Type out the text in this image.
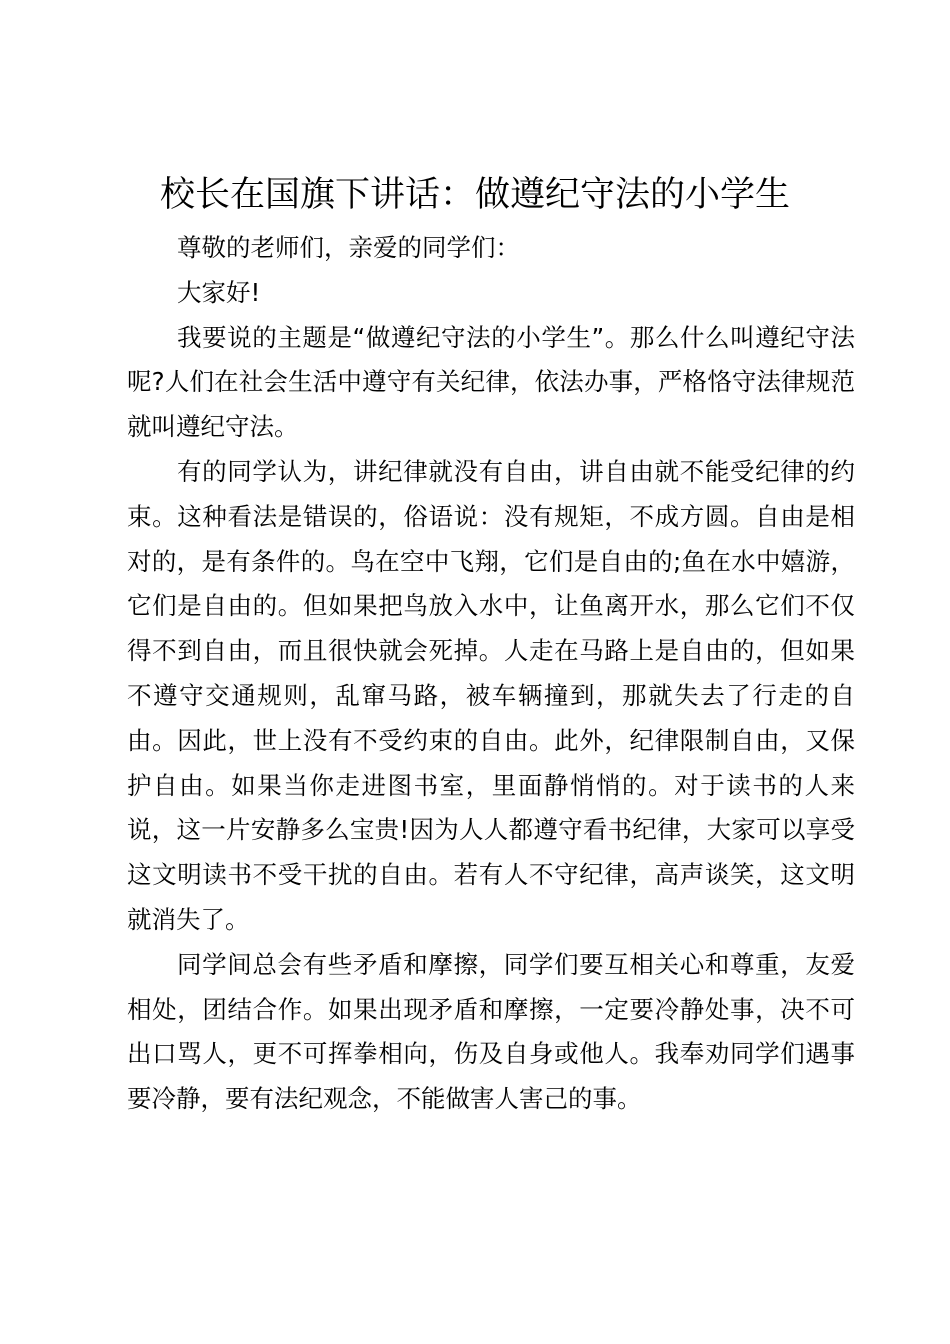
校长在国旗下讲话：做遵纪守法的小学生

尊敬的老师们，亲爱的同学们：

大家好!

我要说的主题是“做遵纪守法的小学生”。那么什么叫遵纪守法呢?人们在社会生活中遵守有关纪律，依法办事，严格恪守法律规范就叫遵纪守法。

有的同学认为，讲纪律就没有自由，讲自由就不能受纪律的约束。这种看法是错误的，俗语说：没有规矩，不成方圆。自由是相对的，是有条件的。鸟在空中飞翔，它们是自由的;鱼在水中嬉游，它们是自由的。但如果把鸟放入水中，让鱼离开水，那么它们不仅得不到自由，而且很快就会死掉。人走在马路上是自由的，但如果不遵守交通规则，乱窜马路，被车辆撞到，那就失去了行走的自由。因此，世上没有不受约束的自由。此外，纪律限制自由，又保护自由。如果当你走进图书室，里面静悄悄的。对于读书的人来说，这一片安静多么宝贵!因为人人都遵守看书纪律，大家可以享受这文明读书不受干扰的自由。若有人不守纪律，高声谈笑，这文明就消失了。

同学间总会有些矛盾和摩擦，同学们要互相关心和尊重，友爱相处，团结合作。如果出现矛盾和摩擦，一定要冷静处事，决不可出口骂人，更不可挥拳相向，伤及自身或他人。我奉劝同学们遇事要冷静，要有法纪观念，不能做害人害己的事。
